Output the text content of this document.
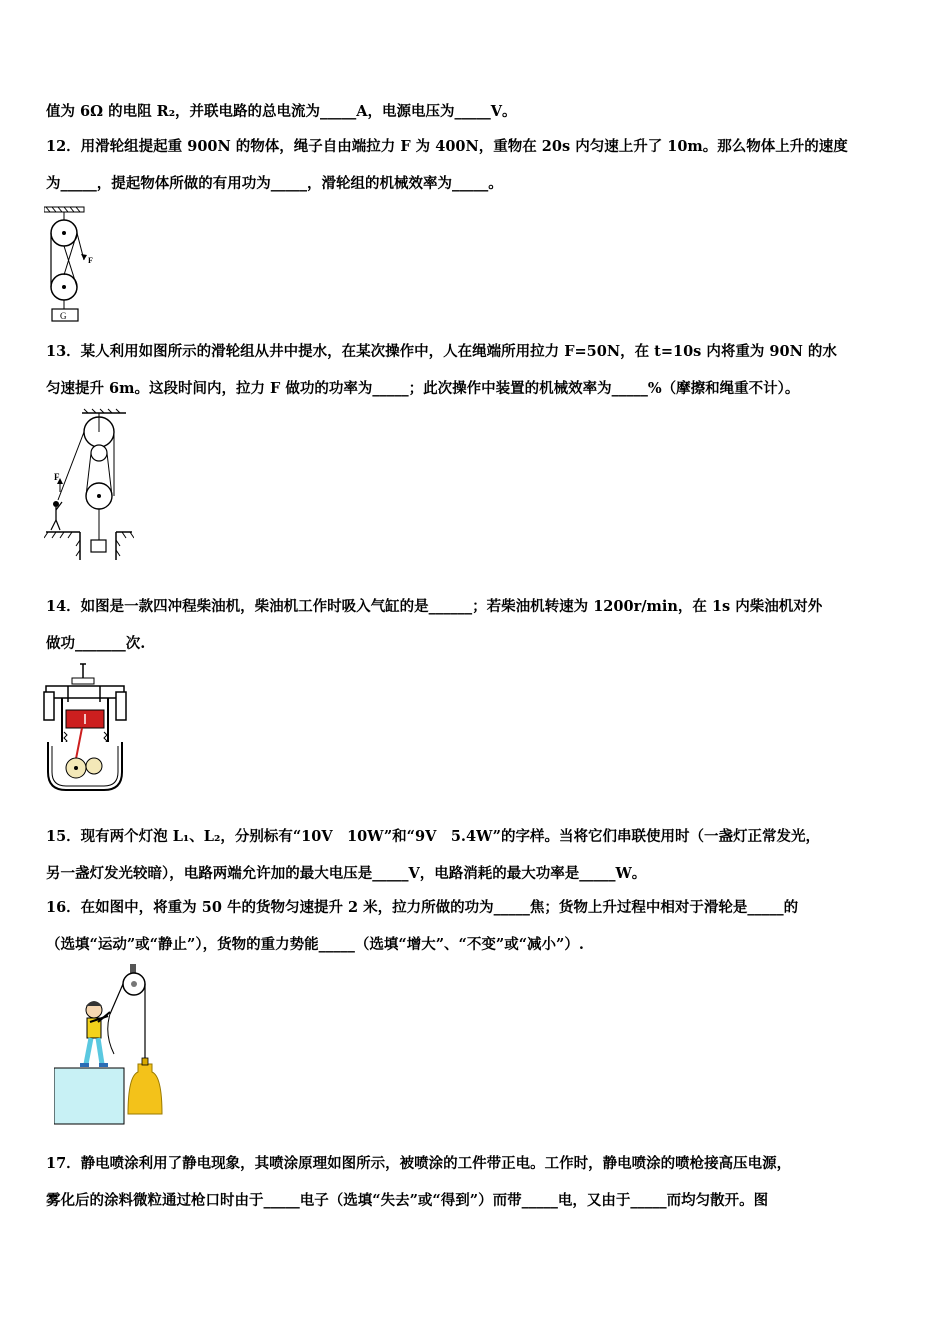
值为 6Ω 的电阻 R₂，并联电路的总电流为_____A，电源电压为_____V。
12．用滑轮组提起重 900N 的物体，绳子自由端拉力 F 为 400N，重物在 20s 内匀速上升了 10m。那么物体上升的速度
为_____，提起物体所做的有用功为_____，滑轮组的机械效率为_____。
F
G
13．某人利用如图所示的滑轮组从井中提水，在某次操作中，人在绳端所用拉力 F=50N，在 t=10s 内将重为 90N 的水
匀速提升 6m。这段时间内，拉力 F 做功的功率为_____；此次操作中装置的机械效率为_____%（摩擦和绳重不计）。
F
14．如图是一款四冲程柴油机，柴油机工作时吸入气缸的是______；若柴油机转速为 1200r/min，在 1s 内柴油机对外
做功_______次.
15．现有两个灯泡 L₁、L₂，分别标有“10V　10W”和“9V　5.4W”的字样。当将它们串联使用时（一盏灯正常发光，
另一盏灯发光较暗），电路两端允许加的最大电压是_____V，电路消耗的最大功率是_____W。
16．在如图中，将重为 50 牛的货物匀速提升 2 米，拉力所做的功为_____焦；货物上升过程中相对于滑轮是_____的
（选填“运动”或“静止”），货物的重力势能_____（选填“增大”、“不变”或“减小”）.
17．静电喷涂利用了静电现象，其喷涂原理如图所示，被喷涂的工件带正电。工作时，静电喷涂的喷枪接高压电源，
雾化后的涂料微粒通过枪口时由于_____电子（选填“失去”或“得到”）而带_____电，又由于_____而均匀散开。图
